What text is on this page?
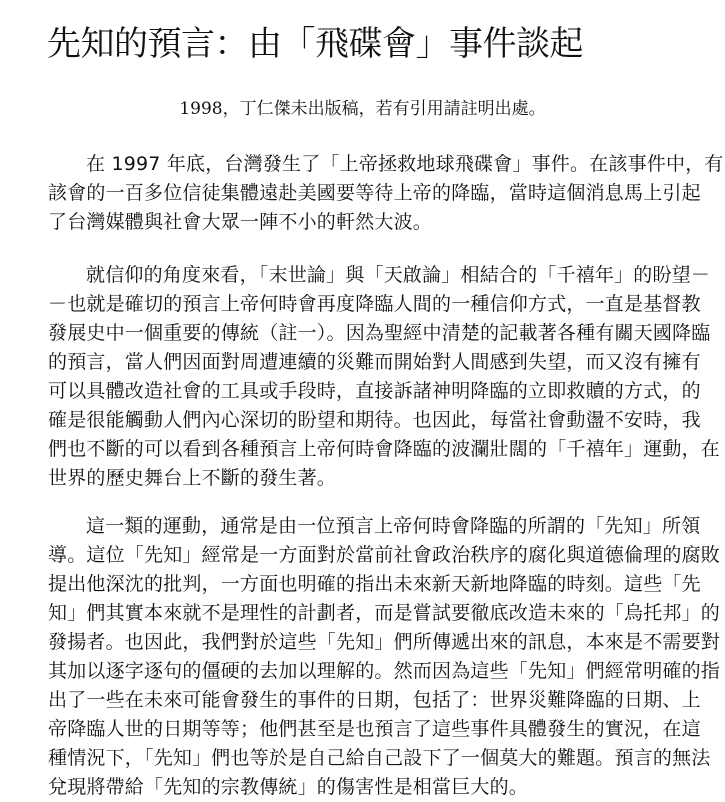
先知的預言：由「飛碟會」事件談起
1998，丁仁傑未出版稿，若有引用請註明出處。
在 1997 年底，台灣發生了「上帝拯救地球飛碟會」事件。在該事件中，有
該會的一百多位信徒集體遠赴美國要等待上帝的降臨，當時這個消息馬上引起
了台灣媒體與社會大眾一陣不小的軒然大波。
就信仰的角度來看，「末世論」與「天啟論」相結合的「千禧年」的盼望－
－也就是確切的預言上帝何時會再度降臨人間的一種信仰方式，一直是基督教
發展史中一個重要的傳統（註一）。因為聖經中清楚的記載著各種有關天國降臨
的預言，當人們因面對周遭連續的災難而開始對人間感到失望，而又沒有擁有
可以具體改造社會的工具或手段時，直接訴諸神明降臨的立即救贖的方式，的
確是很能觸動人們內心深切的盼望和期待。也因此，每當社會動盪不安時，我
們也不斷的可以看到各種預言上帝何時會降臨的波瀾壯闊的「千禧年」運動，在
世界的歷史舞台上不斷的發生著。
這一類的運動，通常是由一位預言上帝何時會降臨的所謂的「先知」所領
導。這位「先知」經常是一方面對於當前社會政治秩序的腐化與道德倫理的腐敗
提出他深沈的批判，一方面也明確的指出未來新天新地降臨的時刻。這些「先
知」們其實本來就不是理性的計劃者，而是嘗試要徹底改造未來的「烏托邦」的
發揚者。也因此，我們對於這些「先知」們所傳遞出來的訊息，本來是不需要對
其加以逐字逐句的僵硬的去加以理解的。然而因為這些「先知」們經常明確的指
出了一些在未來可能會發生的事件的日期，包括了：世界災難降臨的日期、上
帝降臨人世的日期等等；他們甚至是也預言了這些事件具體發生的實況，在這
種情況下，「先知」們也等於是自己給自己設下了一個莫大的難題。預言的無法
兌現將帶給「先知的宗教傳統」的傷害性是相當巨大的。
